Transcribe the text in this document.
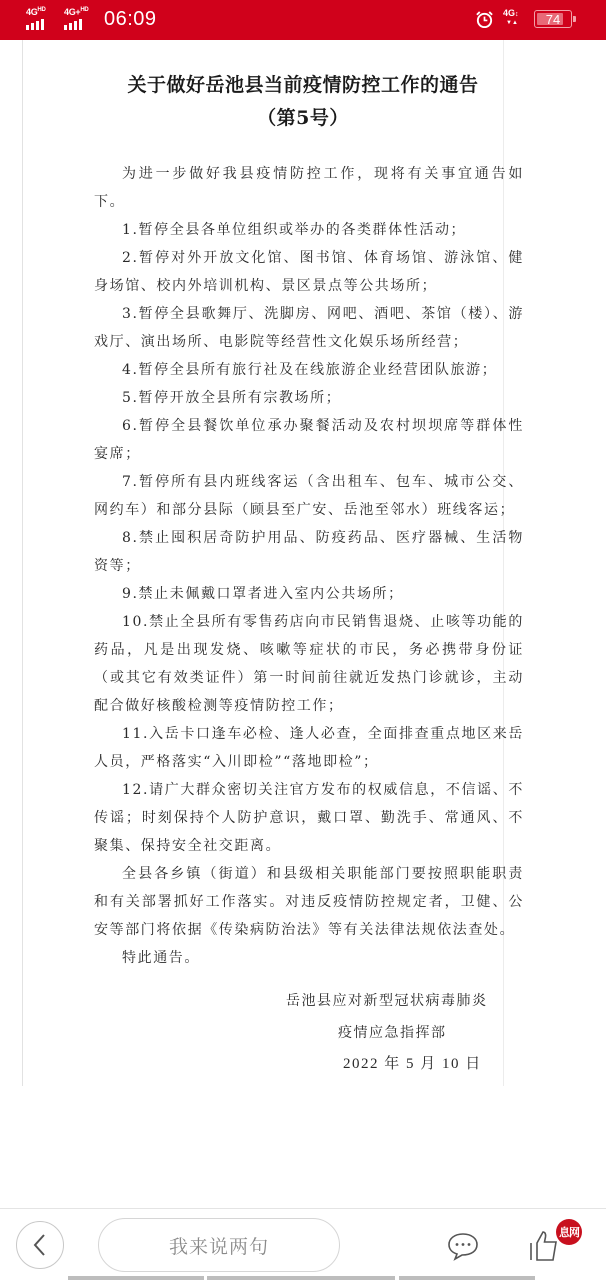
$4G^{HD}$ 4G+$^{HD}$ 06:09	4G↕
▼▲ 74
关于做好岳池县当前疫情防控工作的通告
（第5号）

为进一步做好我县疫情防控工作，现将有关事宜通告如下。

1.暂停全县各单位组织或举办的各类群体性活动；

2.暂停对外开放文化馆、图书馆、体育场馆、游泳馆、健身场馆、校内外培训机构、景区景点等公共场所；

3.暂停全县歌舞厅、洗脚房、网吧、酒吧、茶馆（楼）、游戏厅、演出场所、电影院等经营性文化娱乐场所经营；

4.暂停全县所有旅行社及在线旅游企业经营团队旅游；

5.暂停开放全县所有宗教场所；

6.暂停全县餐饮单位承办聚餐活动及农村坝坝席等群体性宴席；

7.暂停所有县内班线客运（含出租车、包车、城市公交、网约车）和部分县际（顾县至广安、岳池至邻水）班线客运；

8.禁止囤积居奇防护用品、防疫药品、医疗器械、生活物资等；

9.禁止未佩戴口罩者进入室内公共场所；

10.禁止全县所有零售药店向市民销售退烧、止咳等功能的药品，凡是出现发烧、咳嗽等症状的市民，务必携带身份证（或其它有效类证件）第一时间前往就近发热门诊就诊，主动配合做好核酸检测等疫情防控工作；

11.入岳卡口逢车必检、逢人必查，全面排查重点地区来岳人员，严格落实“入川即检”“落地即检”；

12.请广大群众密切关注官方发布的权威信息，不信谣、不传谣；时刻保持个人防护意识，戴口罩、勤洗手、常通风、不聚集、保持安全社交距离。

全县各乡镇（街道）和县级相关职能部门要按照职能职责和有关部署抓好工作落实。对违反疫情防控规定者，卫健、公安等部门将依据《传染病防治法》等有关法律法规依法查处。

特此通告。

岳池县应对新型冠状病毒肺炎
疫情应急指挥部
2022 年 5 月 10 日
我来说两句
息网
